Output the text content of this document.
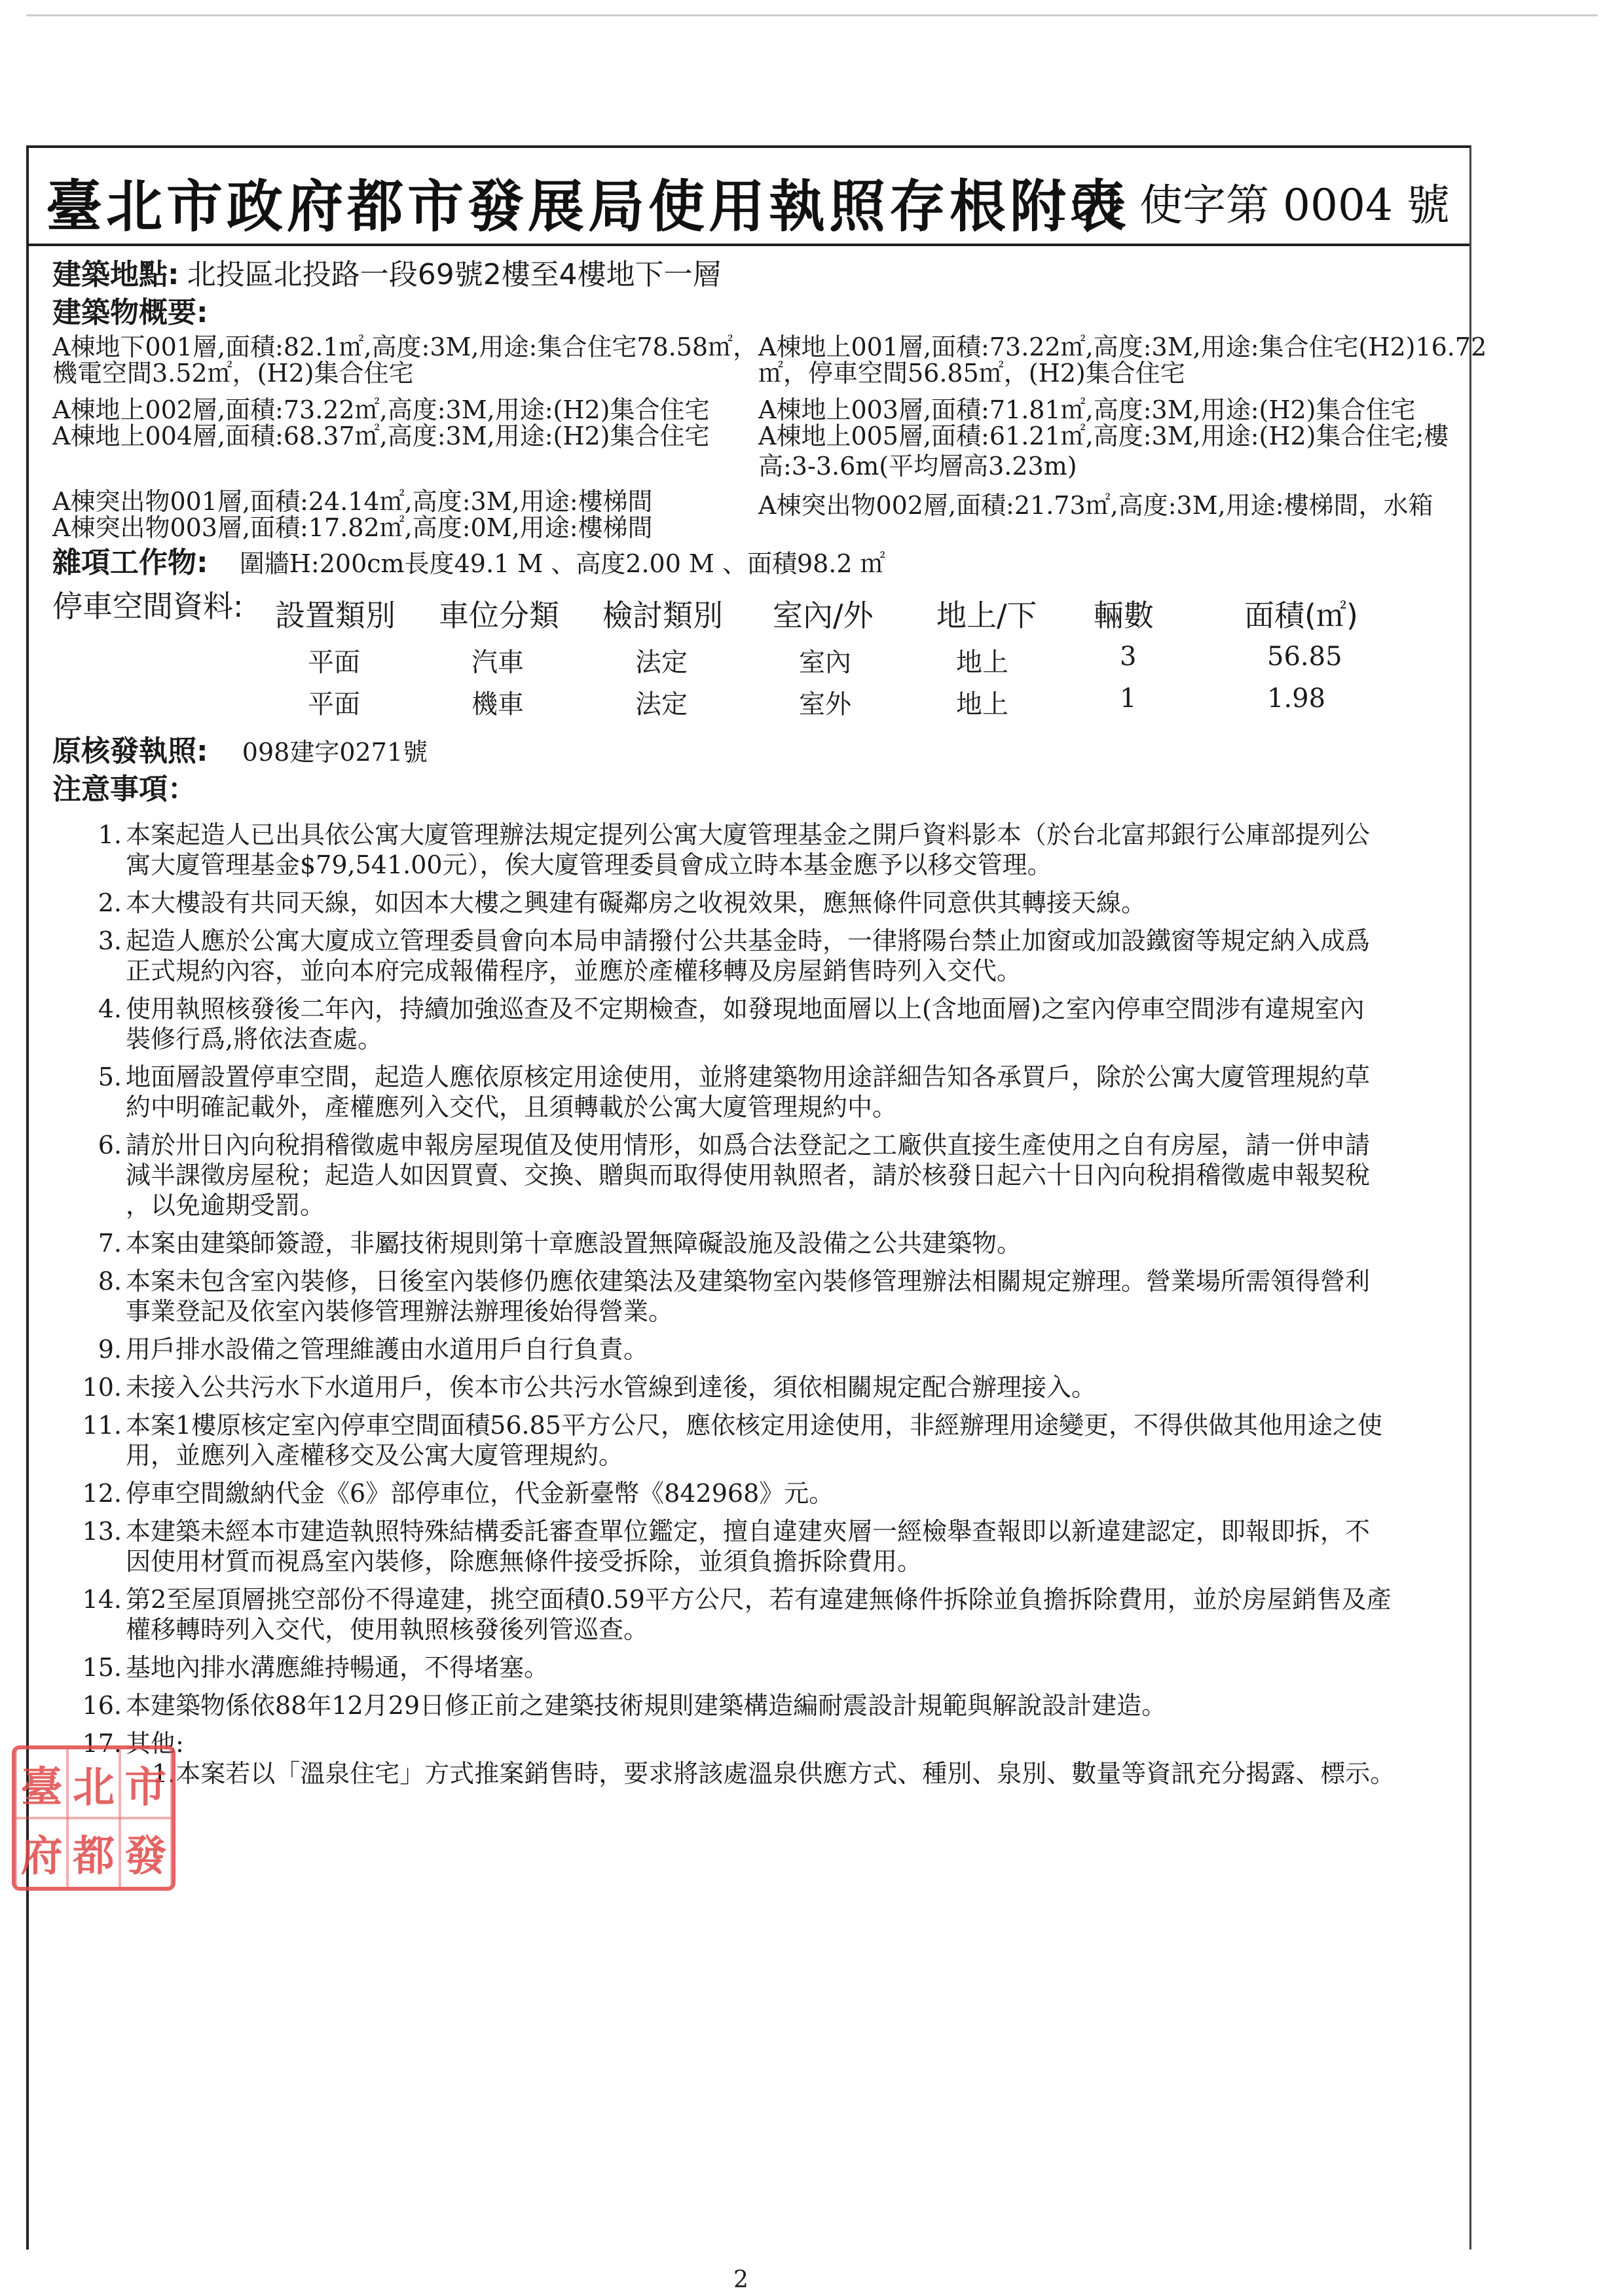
臺北市政府都市發展局使用執照存根附表
101 使字第 0004 號
建築地點: 北投區北投路一段69號2樓至4樓地下一層
建築物概要:
A棟地下001層,面積:82.1㎡,高度:3M,用途:集合住宅78.58㎡，
機電空間3.52㎡，(H2)集合住宅
A棟地上002層,面積:73.22㎡,高度:3M,用途:(H2)集合住宅
A棟地上004層,面積:68.37㎡,高度:3M,用途:(H2)集合住宅
A棟突出物001層,面積:24.14㎡,高度:3M,用途:樓梯間
A棟突出物003層,面積:17.82㎡,高度:0M,用途:樓梯間
A棟地上001層,面積:73.22㎡,高度:3M,用途:集合住宅(H2)16.72
㎡，停車空間56.85㎡，(H2)集合住宅
A棟地上003層,面積:71.81㎡,高度:3M,用途:(H2)集合住宅
A棟地上005層,面積:61.21㎡,高度:3M,用途:(H2)集合住宅;樓
高:3-3.6m(平均層高3.23m)
A棟突出物002層,面積:21.73㎡,高度:3M,用途:樓梯間，水箱
雜項工作物: 圍牆H:200cm長度49.1 M 、高度2.00 M 、面積98.2 ㎡
停車空間資料: 設置類別 車位分類 檢討類別 室內/外 地上/下 輛數	面積(㎡)
平面	汽車	法定	室內	地上	3	56.85
平面	機車	法定	室外	地上	1	1.98
原核發執照: 098建字0271號
注意事項：
1. 本案起造人已出具依公寓大廈管理辦法規定提列公寓大廈管理基金之開戶資料影本（於台北富邦銀行公庫部提列公
寓大廈管理基金$79,541.00元），俟大廈管理委員會成立時本基金應予以移交管理。
2. 本大樓設有共同天線，如因本大樓之興建有礙鄰房之收視效果，應無條件同意供其轉接天線。
3. 起造人應於公寓大廈成立管理委員會向本局申請撥付公共基金時，一律將陽台禁止加窗或加設鐵窗等規定納入成爲
正式規約內容，並向本府完成報備程序，並應於產權移轉及房屋銷售時列入交代。
4. 使用執照核發後二年內，持續加強巡查及不定期檢查，如發現地面層以上(含地面層)之室內停車空間涉有違規室內
裝修行爲,將依法查處。
5. 地面層設置停車空間，起造人應依原核定用途使用，並將建築物用途詳細告知各承買戶，除於公寓大廈管理規約草
約中明確記載外，產權應列入交代，且須轉載於公寓大廈管理規約中。
6. 請於卅日內向稅捐稽徵處申報房屋現值及使用情形，如爲合法登記之工廠供直接生產使用之自有房屋，請一併申請
減半課徵房屋稅；起造人如因買賣、交換、贈與而取得使用執照者，請於核發日起六十日內向稅捐稽徵處申報契稅
，以免逾期受罰。
7. 本案由建築師簽證，非屬技術規則第十章應設置無障礙設施及設備之公共建築物。
8. 本案未包含室內裝修，日後室內裝修仍應依建築法及建築物室內裝修管理辦法相關規定辦理。營業場所需領得營利
事業登記及依室內裝修管理辦法辦理後始得營業。
9. 用戶排水設備之管理維護由水道用戶自行負責。
10. 未接入公共污水下水道用戶，俟本市公共污水管線到達後，須依相關規定配合辦理接入。
11. 本案1樓原核定室內停車空間面積56.85平方公尺，應依核定用途使用，非經辦理用途變更，不得供做其他用途之使
用，並應列入產權移交及公寓大廈管理規約。
12. 停車空間繳納代金《6》部停車位，代金新臺幣《842968》元。
13. 本建築未經本市建造執照特殊結構委託審查單位鑑定，擅自違建夾層一經檢舉查報即以新違建認定，即報即拆，不
因使用材質而視爲室內裝修，除應無條件接受拆除，並須負擔拆除費用。
14. 第2至屋頂層挑空部份不得違建，挑空面積0.59平方公尺，若有違建無條件拆除並負擔拆除費用，並於房屋銷售及產
權移轉時列入交代，使用執照核發後列管巡查。
15. 基地內排水溝應維持暢通，不得堵塞。
16. 本建築物係依88年12月29日修正前之建築技術規則建築構造編耐震設計規範與解說設計建造。
17. 其他:
1.本案若以「溫泉住宅」方式推案銷售時，要求將該處溫泉供應方式、種別、泉別、數量等資訊充分揭露、標示。
臺 北 市
府 都 發
2
